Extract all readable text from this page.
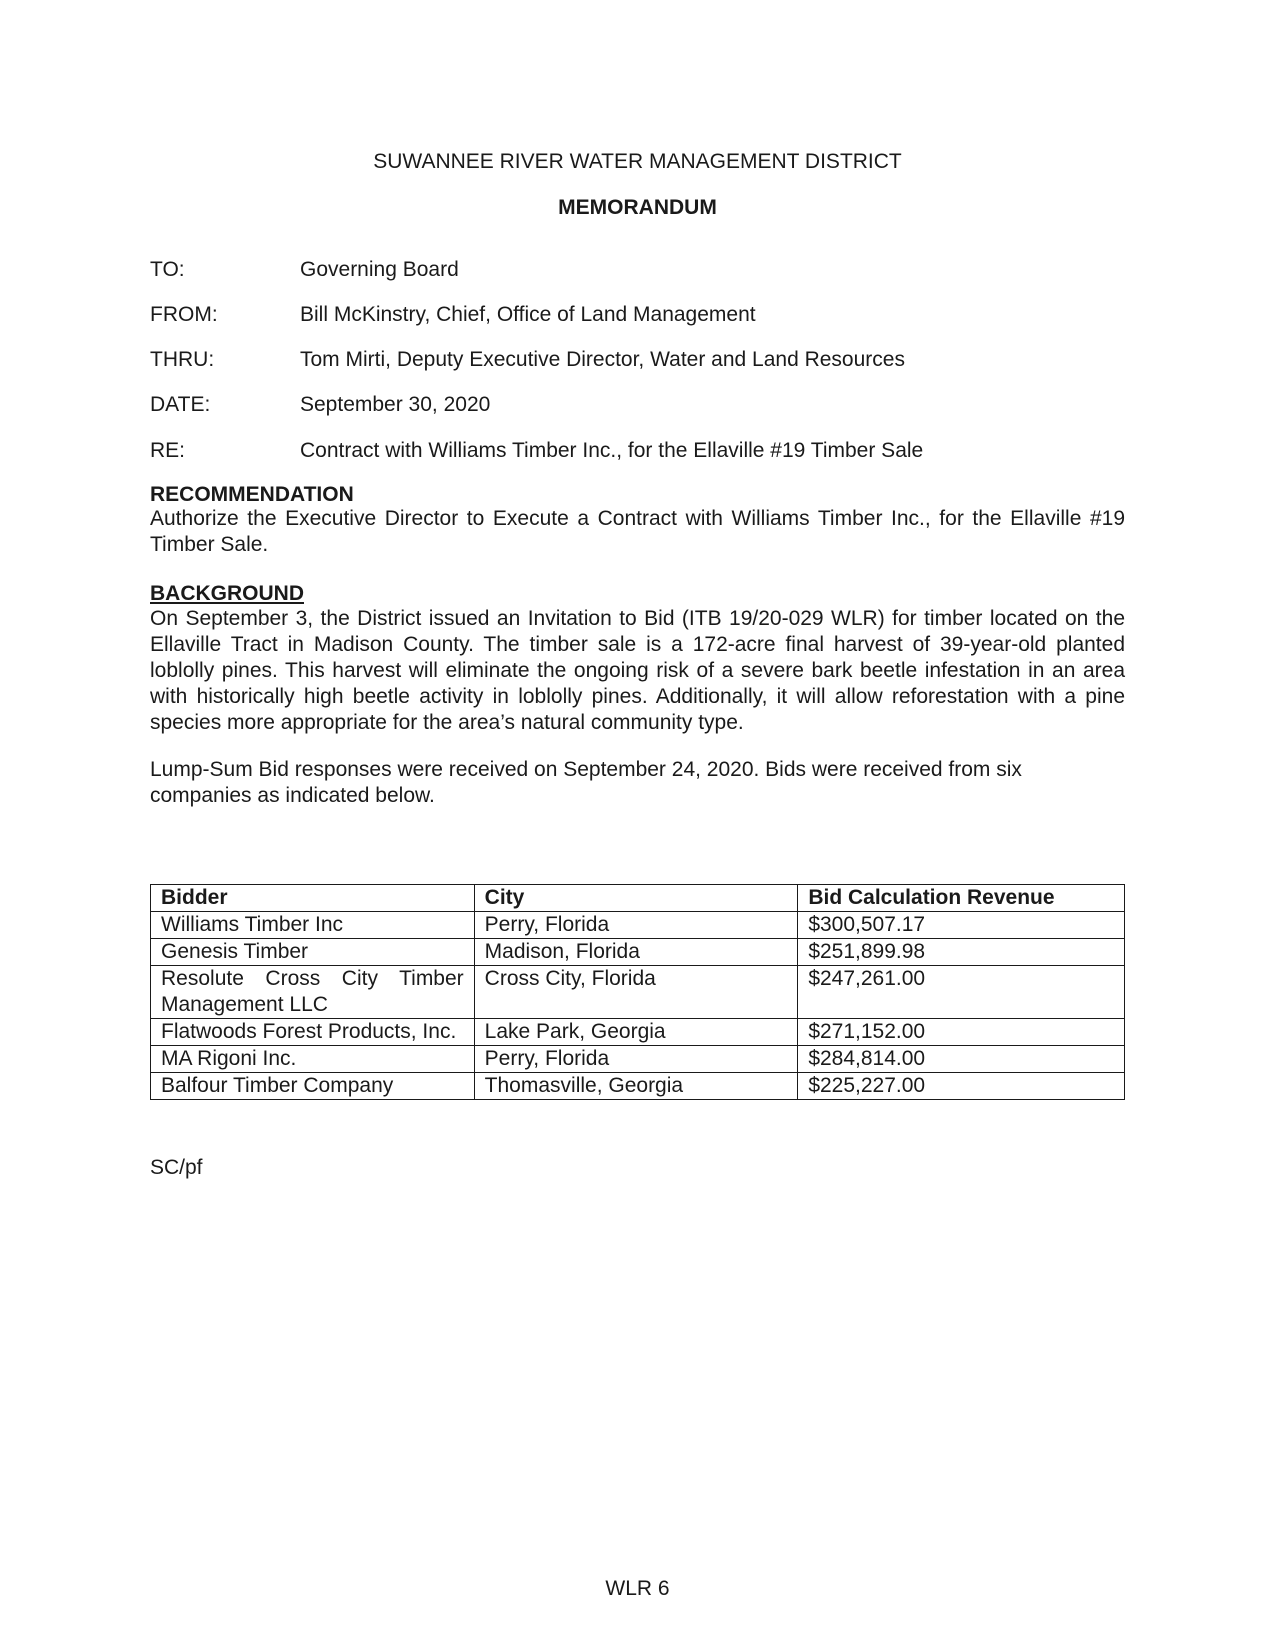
SUWANNEE RIVER WATER MANAGEMENT DISTRICT
MEMORANDUM
TO:	Governing Board
FROM:	Bill McKinstry, Chief, Office of Land Management
THRU:	Tom Mirti, Deputy Executive Director, Water and Land Resources
DATE:	September 30, 2020
RE:	Contract with Williams Timber Inc., for the Ellaville #19 Timber Sale
RECOMMENDATION

Authorize the Executive Director to Execute a Contract with Williams Timber Inc., for the Ellaville #19 Timber Sale.

BACKGROUND

On September 3, the District issued an Invitation to Bid (ITB 19/20-029 WLR) for timber located on the Ellaville Tract in Madison County. The timber sale is a 172-acre final harvest of 39-year-old planted loblolly pines. This harvest will eliminate the ongoing risk of a severe bark beetle infestation in an area with historically high beetle activity in loblolly pines. Additionally, it will allow reforestation with a pine species more appropriate for the area’s natural community type.

Lump-Sum Bid responses were received on September 24, 2020. Bids were received from six companies as indicated below.

Bidder	City	Bid Calculation Revenue
Williams Timber Inc	Perry, Florida	$300,507.17
Genesis Timber	Madison, Florida	$251,899.98
Resolute Cross City Timber Management LLC	Cross City, Florida	$247,261.00
Flatwoods Forest Products, Inc.	Lake Park, Georgia	$271,152.00
MA Rigoni Inc.	Perry, Florida	$284,814.00
Balfour Timber Company	Thomasville, Georgia	$225,227.00
SC/pf
WLR 6
